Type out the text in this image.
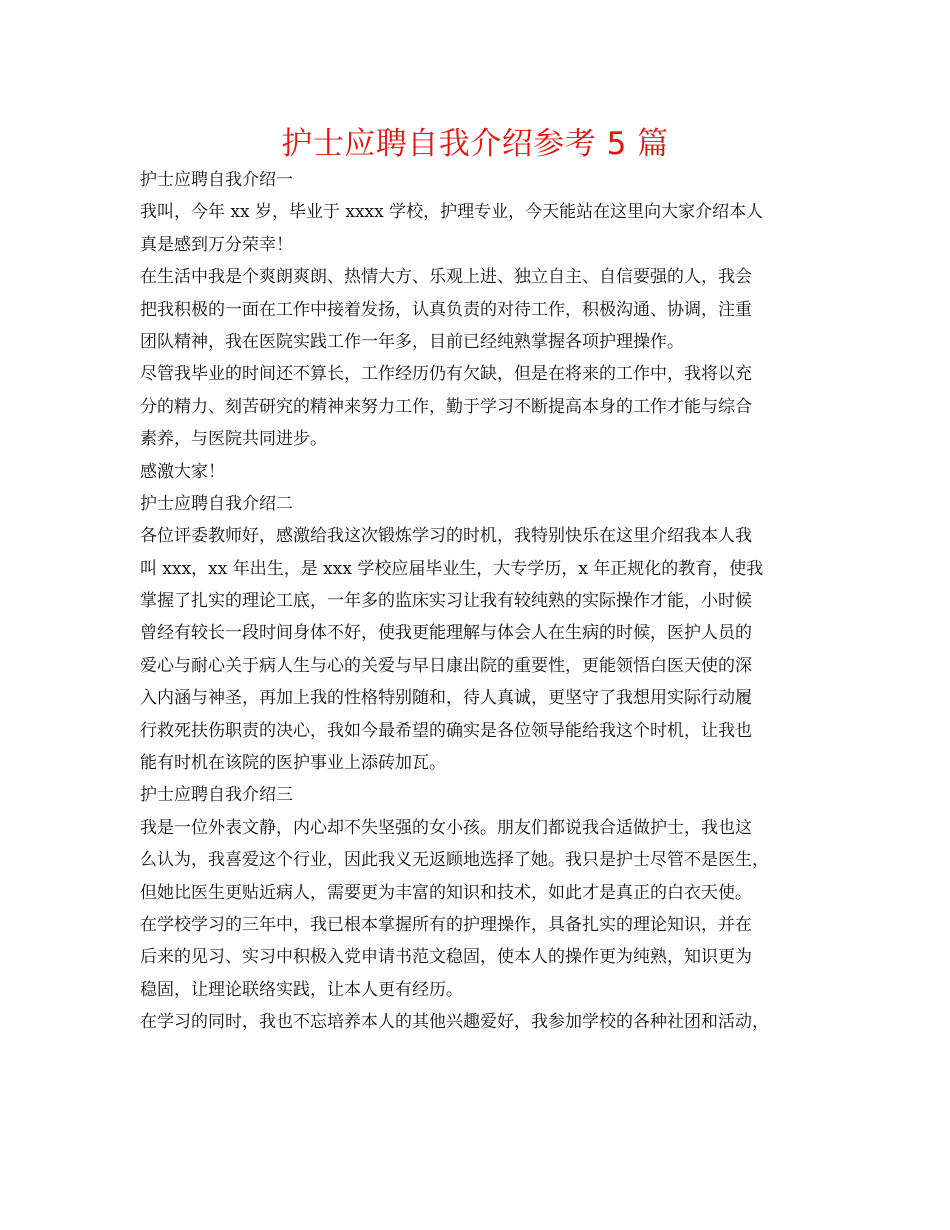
护士应聘自我介绍参考 5 篇
护士应聘自我介绍一
我叫，今年 xx 岁，毕业于 xxxx 学校，护理专业，今天能站在这里向大家介绍本人
真是感到万分荣幸！
在生活中我是个爽朗爽朗、热情大方、乐观上进、独立自主、自信要强的人，我会
把我积极的一面在工作中接着发扬，认真负责的对待工作，积极沟通、协调，注重
团队精神，我在医院实践工作一年多，目前已经纯熟掌握各项护理操作。
尽管我毕业的时间还不算长，工作经历仍有欠缺，但是在将来的工作中，我将以充
分的精力、刻苦研究的精神来努力工作，勤于学习不断提高本身的工作才能与综合
素养，与医院共同进步。
感激大家！
护士应聘自我介绍二
各位评委教师好，感激给我这次锻炼学习的时机，我特别快乐在这里介绍我本人我
叫 xxx，xx 年出生，是 xxx 学校应届毕业生，大专学历，x 年正规化的教育，使我
掌握了扎实的理论工底，一年多的监床实习让我有较纯熟的实际操作才能，小时候
曾经有较长一段时间身体不好，使我更能理解与体会人在生病的时候，医护人员的
爱心与耐心关于病人生与心的关爱与早日康出院的重要性，更能领悟白医天使的深
入内涵与神圣，再加上我的性格特别随和，待人真诚，更坚守了我想用实际行动履
行救死扶伤职责的决心，我如今最希望的确实是各位领导能给我这个时机，让我也
能有时机在该院的医护事业上添砖加瓦。
护士应聘自我介绍三
我是一位外表文静，内心却不失坚强的女小孩。朋友们都说我合适做护士，我也这
么认为，我喜爱这个行业，因此我义无返顾地选择了她。我只是护士尽管不是医生，
但她比医生更贴近病人，需要更为丰富的知识和技术，如此才是真正的白衣天使。
在学校学习的三年中，我已根本掌握所有的护理操作，具备扎实的理论知识，并在
后来的见习、实习中积极入党申请书范文稳固，使本人的操作更为纯熟，知识更为
稳固，让理论联络实践，让本人更有经历。
在学习的同时，我也不忘培养本人的其他兴趣爱好，我参加学校的各种社团和活动，
